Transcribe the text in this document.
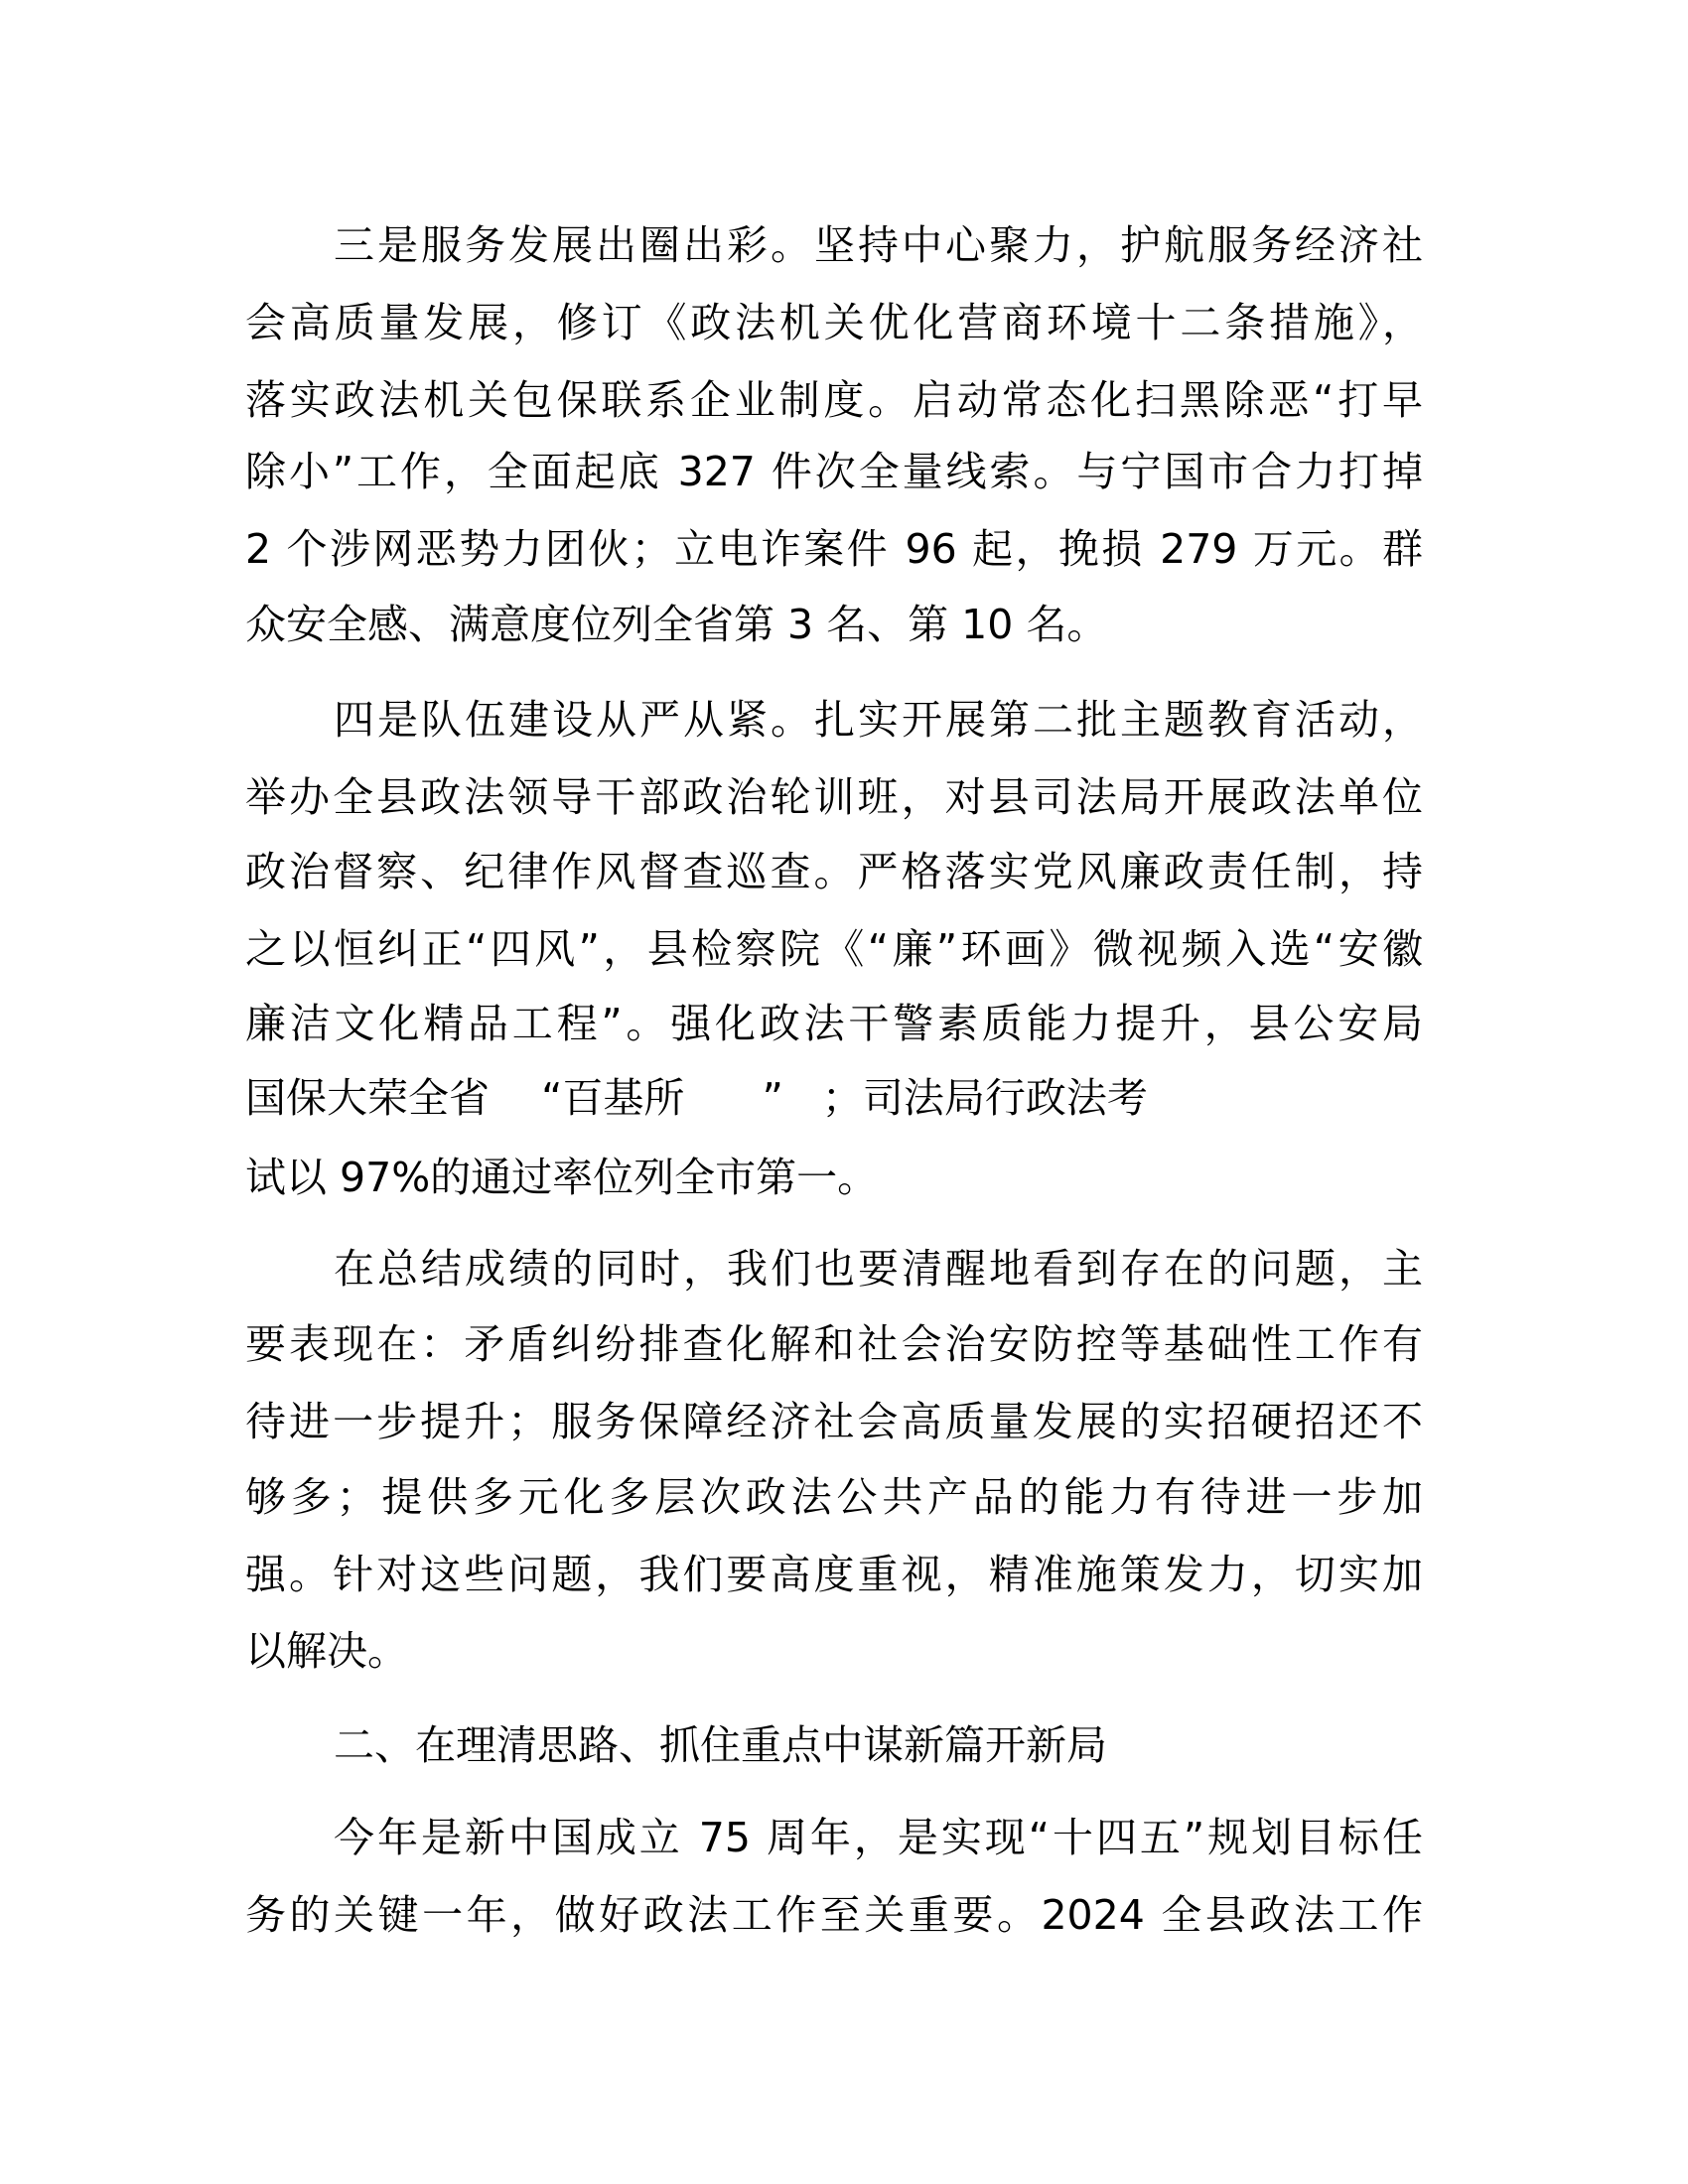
三是服务发展出圈出彩。坚持中心聚力，护航服务经济社
会高质量发展，修订《政法机关优化营商环境十二条措施》，
落实政法机关包保联系企业制度。启动常态化扫黑除恶“打早
除小”工作，全面起底 327 件次全量线索。与宁国市合力打掉
2 个涉网恶势力团伙；立电诈案件 96 起，挽损 279 万元。群
众安全感、满意度位列全省第 3 名、第 10 名。
四是队伍建设从严从紧。扎实开展第二批主题教育活动，
举办全县政法领导干部政治轮训班，对县司法局开展政法单位
政治督察、纪律作风督查巡查。严格落实党风廉政责任制，持
之以恒纠正“四风”，县检察院《“廉”环画》微视频入选“安徽
廉洁文化精品工程”。强化政法干警素质能力提升，县公安局
国保大荣全省    “百基所      ”   ；司法局行政法考
试以 97%的通过率位列全市第一。
在总结成绩的同时，我们也要清醒地看到存在的问题，主
要表现在：矛盾纠纷排查化解和社会治安防控等基础性工作有
待进一步提升；服务保障经济社会高质量发展的实招硬招还不
够多；提供多元化多层次政法公共产品的能力有待进一步加
强。针对这些问题，我们要高度重视，精准施策发力，切实加
以解决。
二、在理清思路、抓住重点中谋新篇开新局
今年是新中国成立 75 周年，是实现“十四五”规划目标任
务的关键一年，做好政法工作至关重要。2024 全县政法工作
